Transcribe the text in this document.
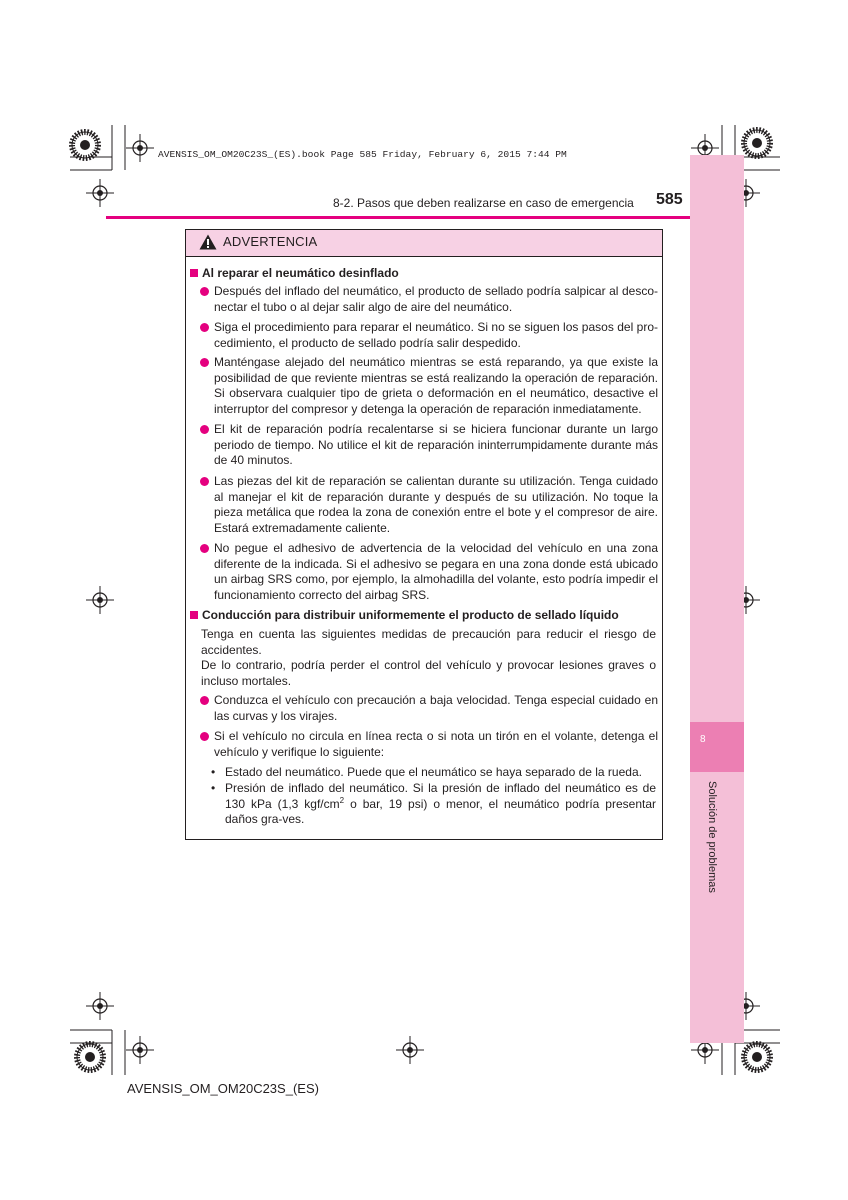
AVENSIS_OM_OM20C23S_(ES).book Page 585 Friday, February 6, 2015 7:44 PM
8
Solución de problemas
8-2. Pasos que deben realizarse en caso de emergencia 585
ADVERTENCIA
Al reparar el neumático desinflado
Después del inflado del neumático, el producto de sellado podría salpicar al desco-nectar el tubo o al dejar salir algo de aire del neumático.
Siga el procedimiento para reparar el neumático. Si no se siguen los pasos del pro-cedimiento, el producto de sellado podría salir despedido.
Manténgase alejado del neumático mientras se está reparando, ya que existe la posibilidad de que reviente mientras se está realizando la operación de reparación. Si observara cualquier tipo de grieta o deformación en el neumático, desactive el interruptor del compresor y detenga la operación de reparación inmediatamente.
El kit de reparación podría recalentarse si se hiciera funcionar durante un largo periodo de tiempo. No utilice el kit de reparación ininterrumpidamente durante más de 40 minutos.
Las piezas del kit de reparación se calientan durante su utilización. Tenga cuidado al manejar el kit de reparación durante y después de su utilización. No toque la pieza metálica que rodea la zona de conexión entre el bote y el compresor de aire. Estará extremadamente caliente.
No pegue el adhesivo de advertencia de la velocidad del vehículo en una zona diferente de la indicada. Si el adhesivo se pegara en una zona donde está ubicado un airbag SRS como, por ejemplo, la almohadilla del volante, esto podría impedir el funcionamiento correcto del airbag SRS.
Conducción para distribuir uniformemente el producto de sellado líquido
Tenga en cuenta las siguientes medidas de precaución para reducir el riesgo de accidentes.
De lo contrario, podría perder el control del vehículo y provocar lesiones graves o incluso mortales.
Conduzca el vehículo con precaución a baja velocidad. Tenga especial cuidado en las curvas y los virajes.
Si el vehículo no circula en línea recta o si nota un tirón en el volante, detenga el vehículo y verifique lo siguiente:
• Estado del neumático. Puede que el neumático se haya separado de la rueda.
• Presión de inflado del neumático. Si la presión de inflado del neumático es de 130 kPa (1,3 kgf/$cm^2$ o bar, 19 psi) o menor, el neumático podría presentar daños gra-ves.
AVENSIS_OM_OM20C23S_(ES)
